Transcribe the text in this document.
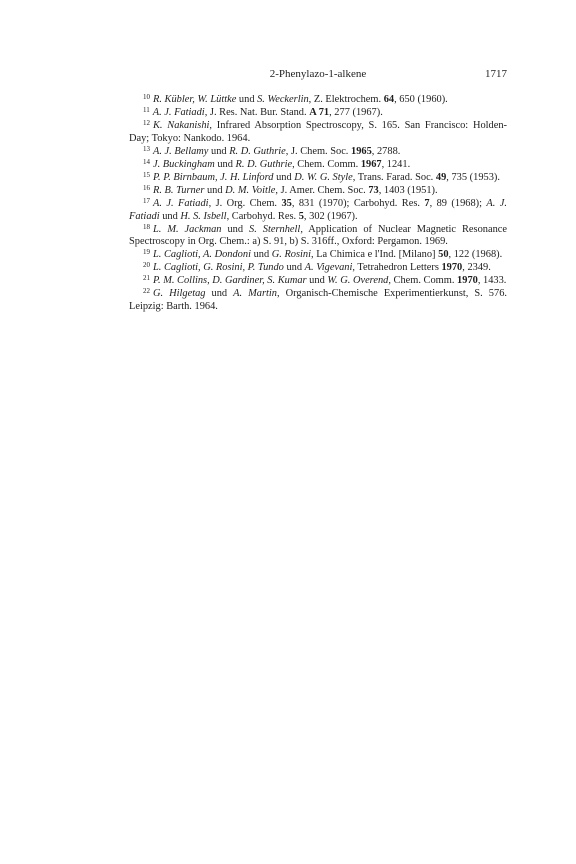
2-Phenylazo-1-alkene	1717

$^{10}$ R. Kübler, W. Lüttke und S. Weckerlin, Z. Elektrochem. 64, 650 (1960).

$^{11}$ A. J. Fatiadi, J. Res. Nat. Bur. Stand. A 71, 277 (1967).

$^{12}$ K. Nakanishi, Infrared Absorption Spectroscopy, S. 165. San Francisco: Holden-Day; Tokyo: Nankodo. 1964.

$^{13}$ A. J. Bellamy und R. D. Guthrie, J. Chem. Soc. 1965, 2788.

$^{14}$ J. Buckingham und R. D. Guthrie, Chem. Comm. 1967, 1241.

$^{15}$ P. P. Birnbaum, J. H. Linford und D. W. G. Style, Trans. Farad. Soc. 49, 735 (1953).

$^{16}$ R. B. Turner und D. M. Voitle, J. Amer. Chem. Soc. 73, 1403 (1951).

$^{17}$ A. J. Fatiadi, J. Org. Chem. 35, 831 (1970); Carbohyd. Res. 7, 89 (1968); A. J. Fatiadi und H. S. Isbell, Carbohyd. Res. 5, 302 (1967).

$^{18}$ L. M. Jackman und S. Sternhell, Application of Nuclear Magnetic Resonance Spectroscopy in Org. Chem.: a) S. 91, b) S. 316ff., Oxford: Pergamon. 1969.

$^{19}$ L. Caglioti, A. Dondoni und G. Rosini, La Chimica e l'Ind. [Milano] 50, 122 (1968).

$^{20}$ L. Caglioti, G. Rosini, P. Tundo und A. Vigevani, Tetrahedron Letters 1970, 2349.

$^{21}$ P. M. Collins, D. Gardiner, S. Kumar und W. G. Overend, Chem. Comm. 1970, 1433.

$^{22}$ G. Hilgetag und A. Martin, Organisch-Chemische Experimentierkunst, S. 576. Leipzig: Barth. 1964.
